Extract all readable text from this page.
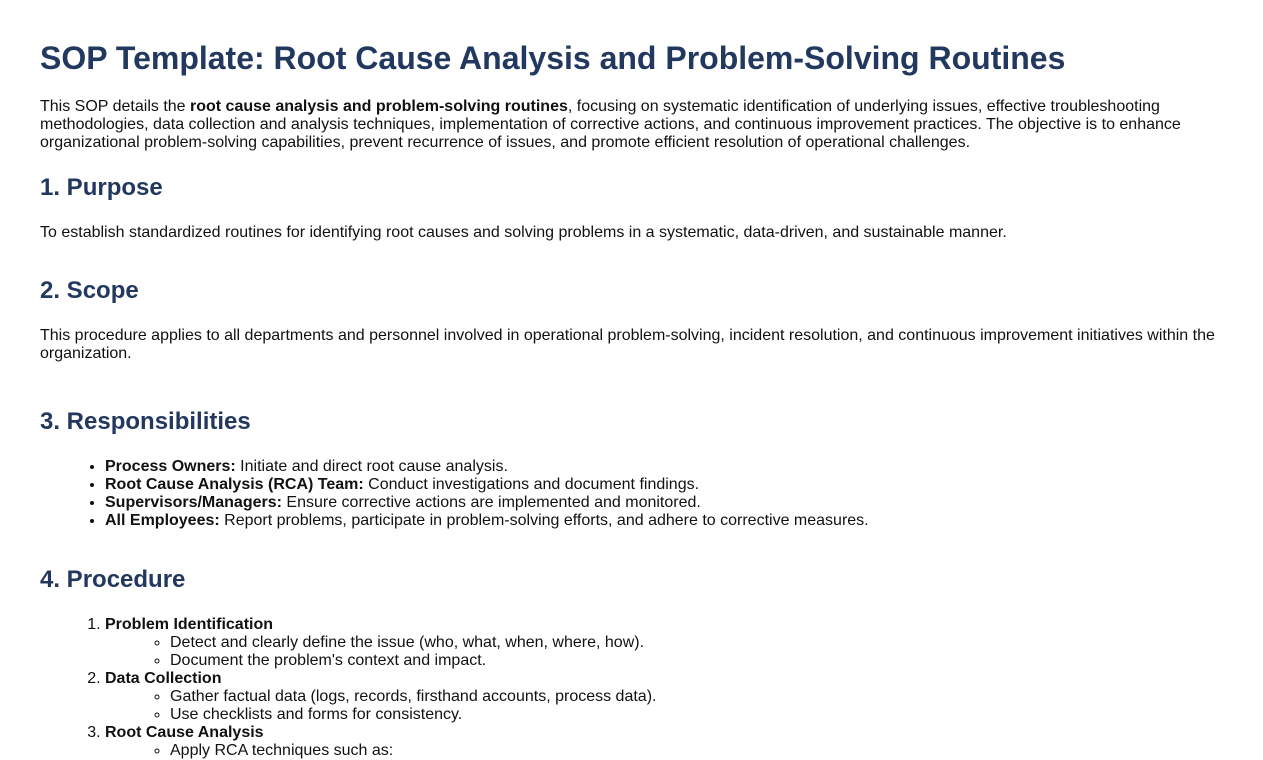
SOP Template: Root Cause Analysis and Problem-Solving Routines

This SOP details the root cause analysis and problem-solving routines, focusing on systematic identification of underlying issues, effective troubleshooting methodologies, data collection and analysis techniques, implementation of corrective actions, and continuous improvement practices. The objective is to enhance organizational problem-solving capabilities, prevent recurrence of issues, and promote efficient resolution of operational challenges.

1. Purpose

To establish standardized routines for identifying root causes and solving problems in a systematic, data-driven, and sustainable manner.

2. Scope

This procedure applies to all departments and personnel involved in operational problem-solving, incident resolution, and continuous improvement initiatives within the organization.

3. Responsibilities
• Process Owners: Initiate and direct root cause analysis.
• Root Cause Analysis (RCA) Team: Conduct investigations and document findings.
• Supervisors/Managers: Ensure corrective actions are implemented and monitored.
• All Employees: Report problems, participate in problem-solving efforts, and adhere to corrective measures.
4. Procedure
1. Problem Identification
◦ Detect and clearly define the issue (who, what, when, where, how).
◦ Document the problem's context and impact.
2. Data Collection
◦ Gather factual data (logs, records, firsthand accounts, process data).
◦ Use checklists and forms for consistency.
3. Root Cause Analysis
◦ Apply RCA techniques such as:
